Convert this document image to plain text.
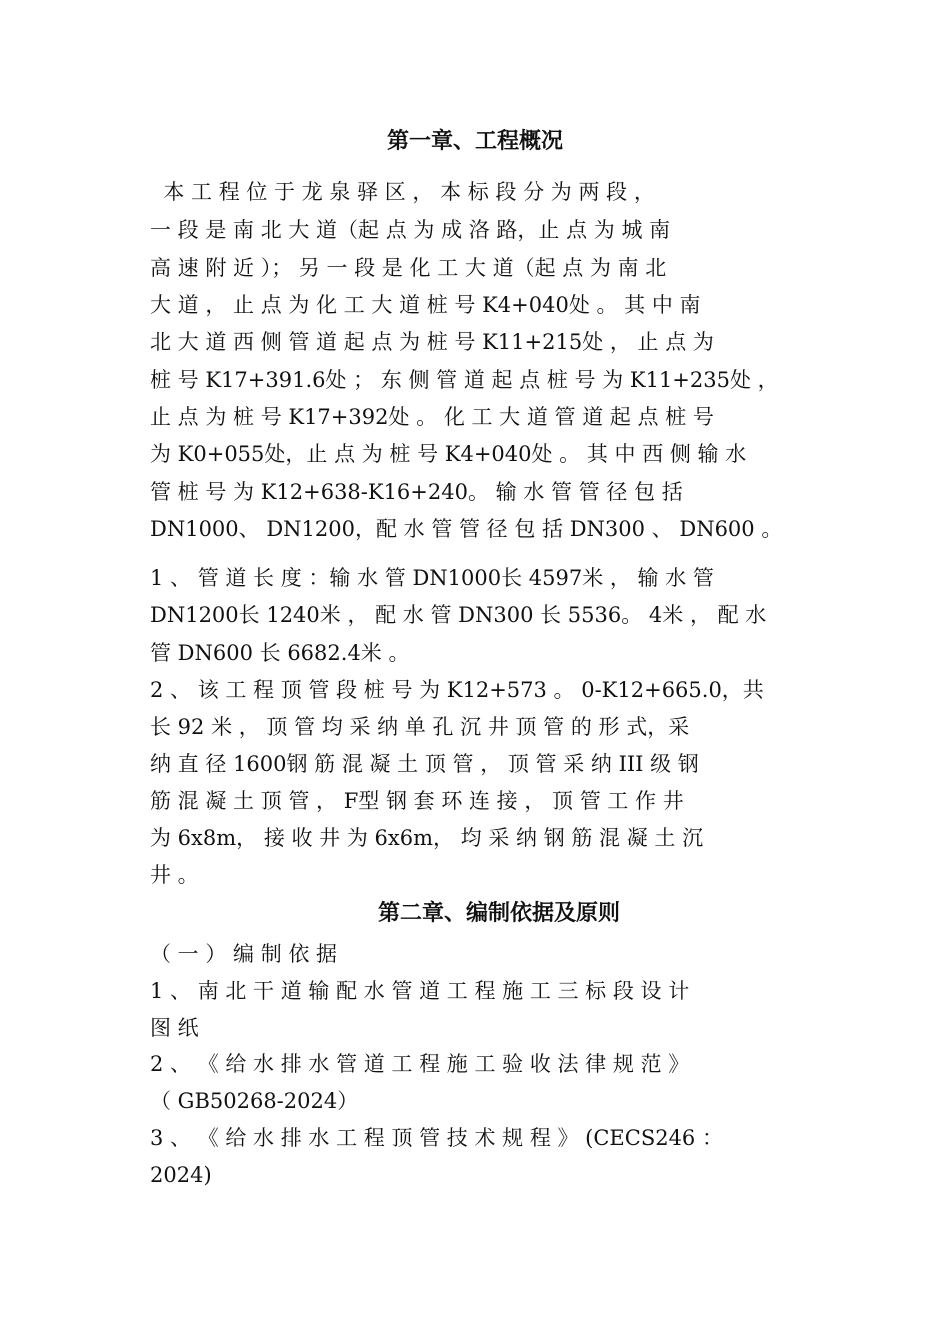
第一章、工程概况
本 工 程 位 于 龙 泉 驿 区 ， 本 标 段 分 为 两 段 ，
一 段 是 南 北 大 道（起 点 为 成 洛 路，止 点 为 城 南
高 速 附 近 ）； 另 一 段 是 化 工 大 道（起 点 为 南 北
大 道 ， 止 点 为 化 工 大 道 桩 号 K4+040处 。 其 中 南
北 大 道 西 侧 管 道 起 点 为 桩 号 K11+215处 ， 止 点 为
桩 号 K17+391.6处 ； 东 侧 管 道 起 点 桩 号 为 K11+235处 ，
止 点 为 桩 号 K17+392处 。 化 工 大 道 管 道 起 点 桩 号
为 K0+055处，止 点 为 桩 号 K4+040处 。 其 中 西 侧 输 水
管 桩 号 为 K12+638-K16+240。 输 水 管 管 径 包 括
DN1000、 DN1200，配 水 管 管 径 包 括 DN300 、 DN600 。
1 、 管 道 长 度 ：输 水 管 DN1000长 4597米 ， 输 水 管
DN1200长 1240米 ， 配 水 管 DN300 长 5536。 4米 ， 配 水
管 DN600 长 6682.4米 。
2 、 该 工 程 顶 管 段 桩 号 为 K12+573 。 0-K12+665.0，共
长 92 米 ， 顶 管 均 采 纳 单 孔 沉 井 顶 管 的 形 式，采
纳 直 径 1600钢 筋 混 凝 土 顶 管 ， 顶 管 采 纳 III 级 钢
筋 混 凝 土 顶 管 ， F型 钢 套 环 连 接 ， 顶 管 工 作 井
为 6x8m， 接 收 井 为 6x6m， 均 采 纳 钢 筋 混 凝 土 沉
井 。
第二章、编制依据及原则
（ 一 ） 编 制 依 据
1 、 南 北 干 道 输 配 水 管 道 工 程 施 工 三 标 段 设 计
图 纸
2 、 《 给 水 排 水 管 道 工 程 施 工 验 收 法 律 规 范 》
（ GB50268-2024）
3 、 《 给 水 排 水 工 程 顶 管 技 术 规 程 》 (CECS246 ：
2024)
